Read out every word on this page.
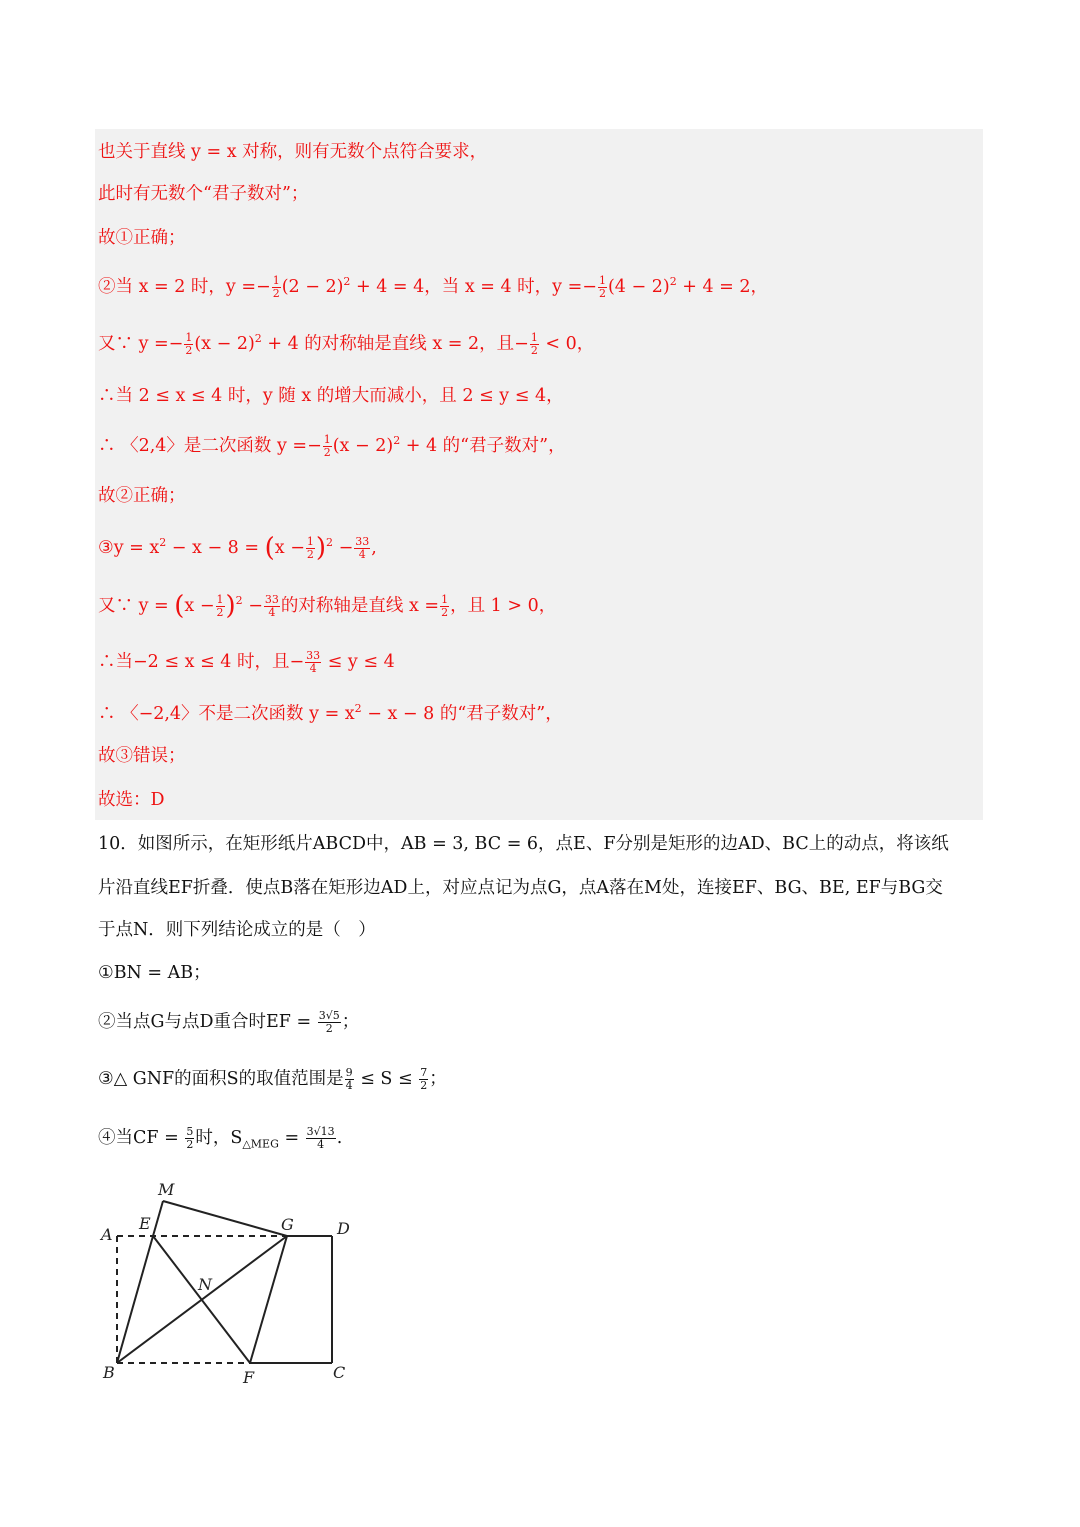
也关于直线 y = x 对称，则有无数个点符合要求，
此时有无数个“君子数对”；
故①正确；
②当 x = 2 时，$y =- \frac{1}{2} (2 - 2)^2 + 4 = 4$，当 x = 4 时，$y =- \frac{1}{2} (4 - 2)^2 + 4 = 2$，
又∵ $y =- \frac{1}{2} (x - 2)^2 + 4$ 的对称轴是直线 x = 2，且− $\frac{1}{2} < 0$，
∴当 2 ≤ x ≤ 4 时，y 随 x 的增大而减小，且 2 ≤ y ≤ 4，
∴ 〈2,4〉是二次函数 $y =- \frac{1}{2} (x - 2)^2 + 4$ 的“君子数对”，
故②正确；
③y = $x^2 - x - 8 = (x - \frac{1}{2} )^2 - \frac{33}{4}$ ,
又∵ $y = (x - \frac{1}{2} )^2 - \frac{33}{4}$ 的对称轴是直线 $x = \frac{1}{2}$ ，且 1 > 0，
∴当−2 ≤ x ≤ 4 时，且− $\frac{33}{4} \le y \le 4$
∴ 〈−2,4〉不是二次函数 $y = x^2 - x - 8$ 的“君子数对”，
故③错误；
故选：D
10．如图所示，在矩形纸片ABCD中，AB = 3, BC = 6，点E、F分别是矩形的边AD、BC上的动点，将该纸
片沿直线EF折叠．使点B落在矩形边AD上，对应点记为点G，点A落在M处，连接EF、BG、BE, EF与BG交
于点N．则下列结论成立的是（　）
①BN = AB；
②当点G与点D重合时EF = $\frac{3√5}{2}$ ；
③△ GNF的面积S的取值范围是 $\frac{9}{4} \le S \le \frac{7}{2}$ ；
④当CF = $\frac{5}{2}$ 时，$S_{\triangle MEG} = \frac{3√13}{4}$ .
M
A
E	G	D
N
B	F	C
